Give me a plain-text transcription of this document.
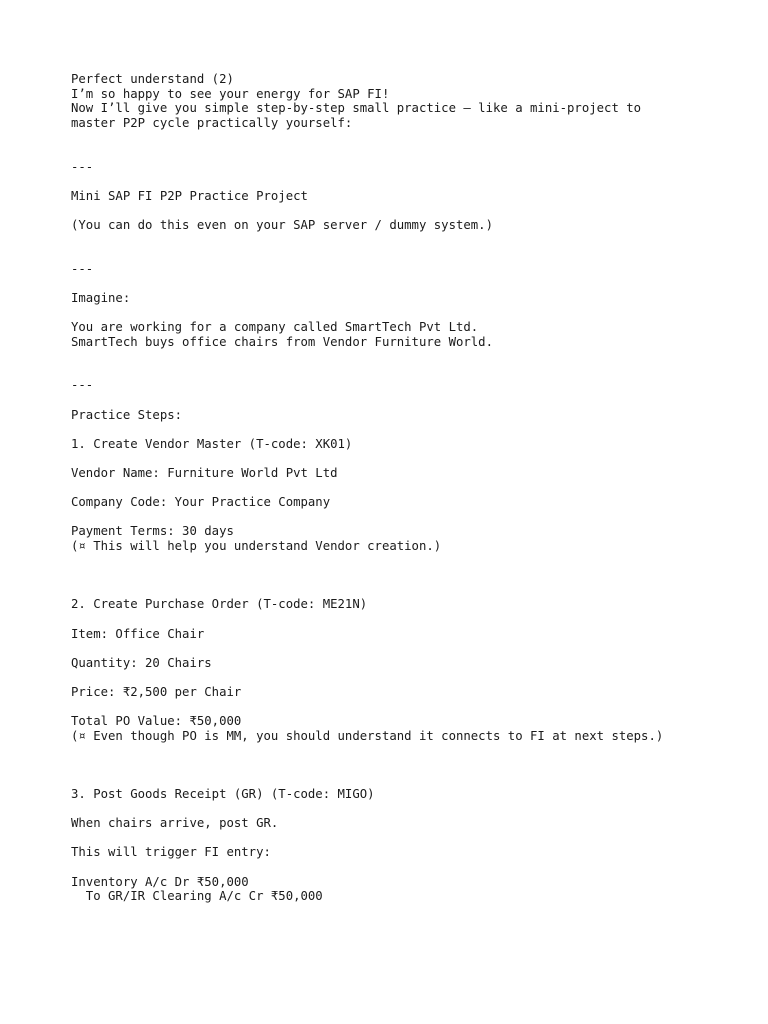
Perfect understand (2)
I’m so happy to see your energy for SAP FI!
Now I’ll give you simple step-by-step small practice — like a mini-project to
master P2P cycle practically yourself:
---
Mini SAP FI P2P Practice Project
(You can do this even on your SAP server / dummy system.)
---
Imagine:
You are working for a company called SmartTech Pvt Ltd.
SmartTech buys office chairs from Vendor Furniture World.
---
Practice Steps:
1. Create Vendor Master (T-code: XK01)
Vendor Name: Furniture World Pvt Ltd
Company Code: Your Practice Company
Payment Terms: 30 days
(¤ This will help you understand Vendor creation.)
2. Create Purchase Order (T-code: ME21N)
Item: Office Chair
Quantity: 20 Chairs
Price: ₹2,500 per Chair
Total PO Value: ₹50,000
(¤ Even though PO is MM, you should understand it connects to FI at next steps.)
3. Post Goods Receipt (GR) (T-code: MIGO)
When chairs arrive, post GR.
This will trigger FI entry:
Inventory A/c Dr ₹50,000
To GR/IR Clearing A/c Cr ₹50,000
